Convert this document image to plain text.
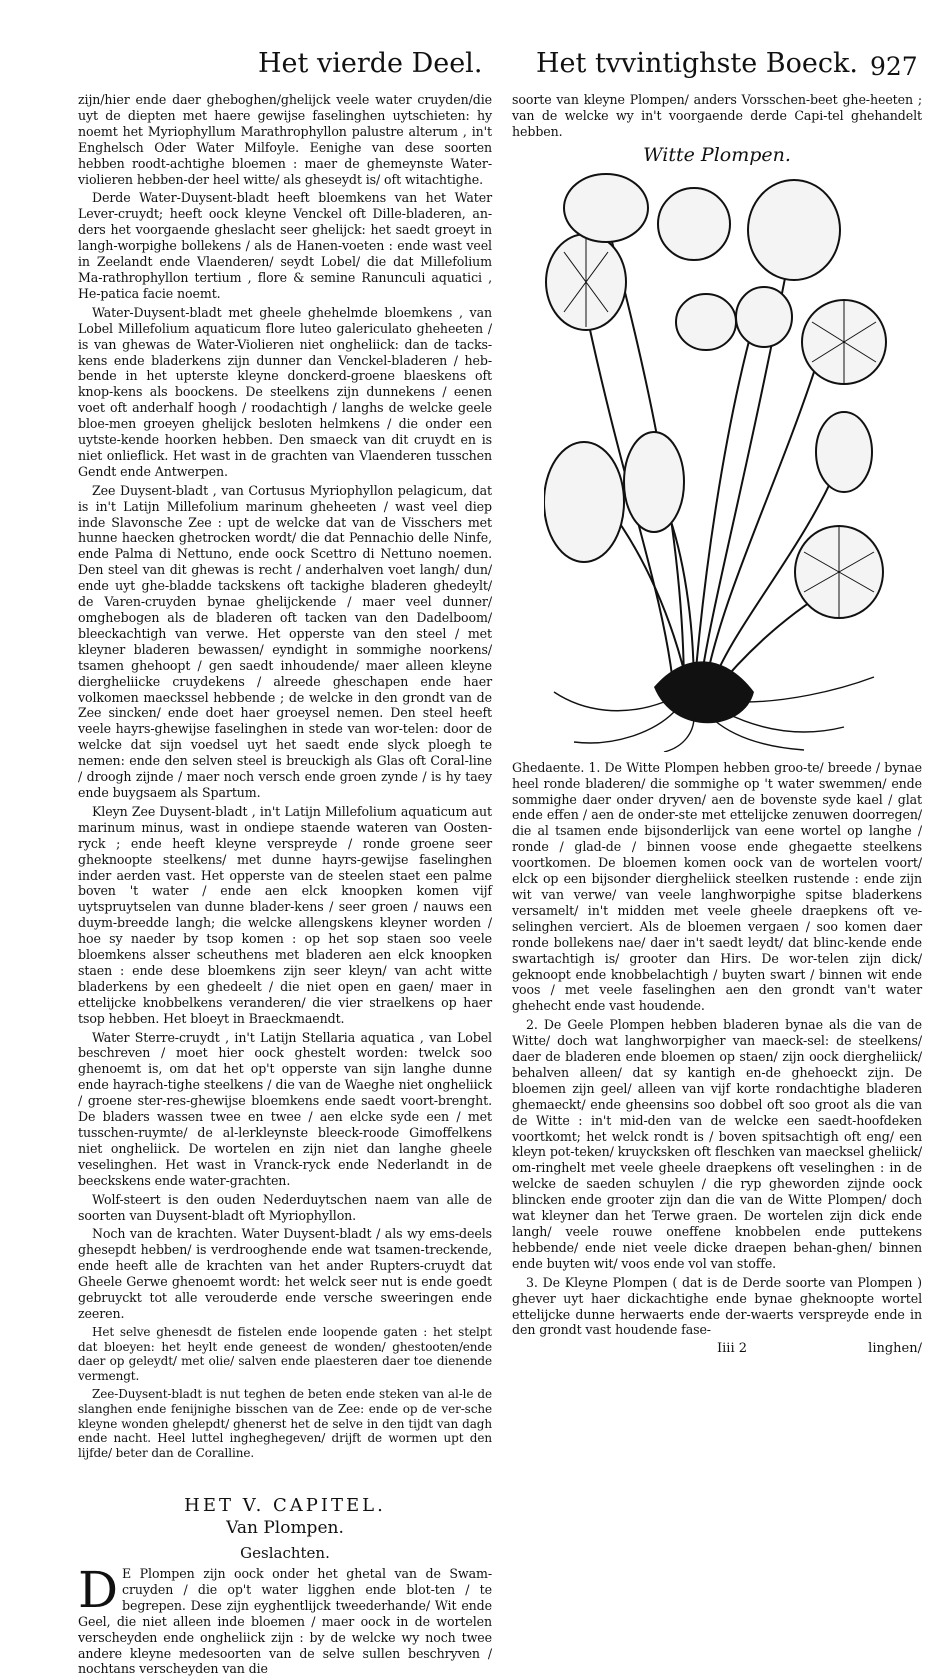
Het vierde Deel. Het tvvintighste Boeck. 927

zijn/hier ende daer gheboghen/ghelijck veele water cruyden/die uyt de diepten met haere gewijse faselinghen uytschieten: hy noemt het Myriophyllum Marathrophyllon palustre alterum , in't Enghelsch Oder Water Milfoyle. Eenighe van dese soorten hebben roodt-achtighe bloemen : maer de ghemeynste Water-violieren hebben-der heel witte/ als gheseydt is/ oft witachtighe.

Derde Water-Duysent-bladt heeft bloemkens van het Water Lever-cruydt; heeft oock kleyne Venckel oft Dille-bladeren, an-ders het voorgaende gheslacht seer ghelijck: het saedt groeyt in langh-worpighe bollekens / als de Hanen-voeten : ende wast veel in Zeelandt ende Vlaenderen/ seydt Lobel/ die dat Millefolium Ma-rathrophyllon tertium , flore & semine Ranunculi aquatici , He-patica facie noemt.

Water-Duysent-bladt met gheele ghehelmde bloemkens , van Lobel Millefolium aquaticum flore luteo galericulato gheheeten / is van ghewas de Water-Violieren niet ongheliick: dan de tacks-kens ende bladerkens zijn dunner dan Venckel-bladeren / heb-bende in het upterste kleyne donckerd-groene blaeskens oft knop-kens als boockens. De steelkens zijn dunnekens / eenen voet oft anderhalf hoogh / roodachtigh / langhs de welcke geele bloe-men groeyen ghelijck besloten helmkens / die onder een uytste-kende hoorken hebben. Den smaeck van dit cruydt en is niet onlieflick. Het wast in de grachten van Vlaenderen tusschen Gendt ende Antwerpen.

Zee Duysent-bladt , van Cortusus Myriophyllon pelagicum, dat is in't Latijn Millefolium marinum gheheeten / wast veel diep inde Slavonsche Zee : upt de welcke dat van de Visschers met hunne haecken ghetrocken wordt/ die dat Pennachio delle Ninfe, ende Palma di Nettuno, ende oock Scettro di Nettuno noemen. Den steel van dit ghewas is recht / anderhalven voet langh/ dun/ ende uyt ghe-bladde tackskens oft tackighe bladeren ghedeylt/ de Varen-cruyden bynae ghelijckende / maer veel dunner/ omghebogen als de bladeren oft tacken van den Dadelboom/ bleeckachtigh van verwe. Het opperste van den steel / met kleyner bladeren bewassen/ eyndight in sommighe noorkens/ tsamen ghehoopt / gen saedt inhoudende/ maer alleen kleyne diergheliicke cruydekens / alreede gheschapen ende haer volkomen maeckssel hebbende ; de welcke in den grondt van de Zee sincken/ ende doet haer groeysel nemen. Den steel heeft veele hayrs-ghewijse faselinghen in stede van wor-telen: door de welcke dat sijn voedsel uyt het saedt ende slyck ploegh te nemen: ende den selven steel is breuckigh als Glas oft Coral-line / droogh zijnde / maer noch versch ende groen zynde / is hy taey ende buygsaem als Spartum.

Kleyn Zee Duysent-bladt , in't Latijn Millefolium aquaticum aut marinum minus, wast in ondiepe staende wateren van Oosten-ryck ; ende heeft kleyne verspreyde / ronde groene seer gheknoopte steelkens/ met dunne hayrs-gewijse faselinghen inder aerden vast. Het opperste van de steelen staet een palme boven 't water / ende aen elck knoopken komen vijf uytspruytselen van dunne blader-kens / seer groen / nauws een duym-breedde langh; die welcke allengskens kleyner worden / hoe sy naeder by tsop komen : op het sop staen soo veele bloemkens alsser scheuthens met bladeren aen elck knoopken staen : ende dese bloemkens zijn seer kleyn/ van acht witte bladerkens by een ghedeelt / die niet open en gaen/ maer in ettelijcke knobbelkens veranderen/ die vier straelkens op haer tsop hebben. Het bloeyt in Braeckmaendt.

Water Sterre-cruydt , in't Latijn Stellaria aquatica , van Lobel beschreven / moet hier oock ghestelt worden: twelck soo ghenoemt is, om dat het op't opperste van sijn langhe dunne ende hayrach-tighe steelkens / die van de Waeghe niet ongheliick / groene ster-res-ghewijse bloemkens ende saedt voort-brenght. De bladers wassen twee en twee / aen elcke syde een / met tusschen-ruymte/ de al-lerkleynste bleeck-roode Gimoffelkens niet ongheliick. De wortelen en zijn niet dan langhe gheele veselinghen. Het wast in Vranck-ryck ende Nederlandt in de beeckskens ende water-grachten.

Wolf-steert is den ouden Nederduytschen naem van alle de soorten van Duysent-bladt oft Myriophyllon.

Noch van de krachten. Water Duysent-bladt / als wy ems-deels ghesepdt hebben/ is verdrooghende ende wat tsamen-treckende, ende heeft alle de krachten van het ander Rupters-cruydt dat Gheele Gerwe ghenoemt wordt: het welck seer nut is ende goedt gebruyckt tot alle verouderde ende versche sweeringen ende zeeren.

Het selve ghenesdt de fistelen ende loopende gaten : het stelpt dat bloeyen: het heylt ende geneest de wonden/ ghestooten/ende daer op geleydt/ met olie/ salven ende plaesteren daer toe dienende vermengt.

Zee-Duysent-bladt is nut teghen de beten ende steken van al-le de slanghen ende fenijnighe bisschen van de Zee: ende op de ver-sche kleyne wonden ghelepdt/ ghenerst het de selve in den tijdt van dagh ende nacht. Heel luttel ingheghegeven/ drijft de wormen upt den lijfde/ beter dan de Coralline.

HET V. CAPITEL.
Van Plompen.
Geslachten.

D E Plompen zijn oock onder het ghetal van de Swam-cruyden / die op't water ligghen ende blot-ten / te begrepen. Dese zijn eyghentlijck tweederhande/ Wit ende Geel, die niet alleen inde bloemen / maer oock in de wortelen verscheyden ende ongheliick zijn : by de welcke wy noch twee andere kleyne medesoorten van de selve sullen beschryven / nochtans verscheyden van die

soorte van kleyne Plompen/ anders Vorsschen-beet ghe-heeten ; van de welcke wy in't voorgaende derde Capi-tel ghehandelt hebben.

Witte Plompen.

Ghedaente. 1. De Witte Plompen hebben groo-te/ breede / bynae heel ronde bladeren/ die sommighe op 't water swemmen/ ende sommighe daer onder dryven/ aen de bovenste syde kael / glat ende effen / aen de onder-ste met ettelijcke zenuwen doorregen/ die al tsamen ende bijsonderlijck van eene wortel op langhe / ronde / glad-de / binnen voose ende ghegaette steelkens voortkomen. De bloemen komen oock van de wortelen voort/ elck op een bijsonder diergheliick steelken rustende : ende zijn wit van verwe/ van veele langhworpighe spitse bladerkens versamelt/ in't midden met veele gheele draepkens oft ve-selinghen verciert. Als de bloemen vergaen / soo komen daer ronde bollekens nae/ daer in't saedt leydt/ dat blinc-kende ende swartachtigh is/ grooter dan Hirs. De wor-telen zijn dick/ geknoopt ende knobbelachtigh / buyten swart / binnen wit ende voos / met veele faselinghen aen den grondt van't water ghehecht ende vast houdende.

2. De Geele Plompen hebben bladeren bynae als die van de Witte/ doch wat langhworpigher van maeck-sel: de steelkens/ daer de bladeren ende bloemen op staen/ zijn oock diergheliick/ behalven alleen/ dat sy kantigh en-de ghehoeckt zijn. De bloemen zijn geel/ alleen van vijf korte rondachtighe bladeren ghemaeckt/ ende gheensins soo dobbel oft soo groot als die van de Witte : in't mid-den van de welcke een saedt-hoofdeken voortkomt; het welck rondt is / boven spitsachtigh oft eng/ een kleyn pot-teken/ kruycksken oft fleschken van maecksel gheliick/ om-ringhelt met veele gheele draepkens oft veselinghen : in de welcke de saeden schuylen / die ryp gheworden zijnde oock blincken ende grooter zijn dan die van de Witte Plompen/ doch wat kleyner dan het Terwe graen. De wortelen zijn dick ende langh/ veele rouwe oneffene knobbelen ende puttekens hebbende/ ende niet veele dicke draepen behan-ghen/ binnen ende buyten wit/ voos ende vol van stoffe.

3. De Kleyne Plompen ( dat is de Derde soorte van Plompen ) ghever uyt haer dickachtighe ende bynae gheknoopte wortel ettelijcke dunne herwaerts ende der-waerts verspreyde ende in den grondt vast houdende fase-

Iiii 2	linghen/
